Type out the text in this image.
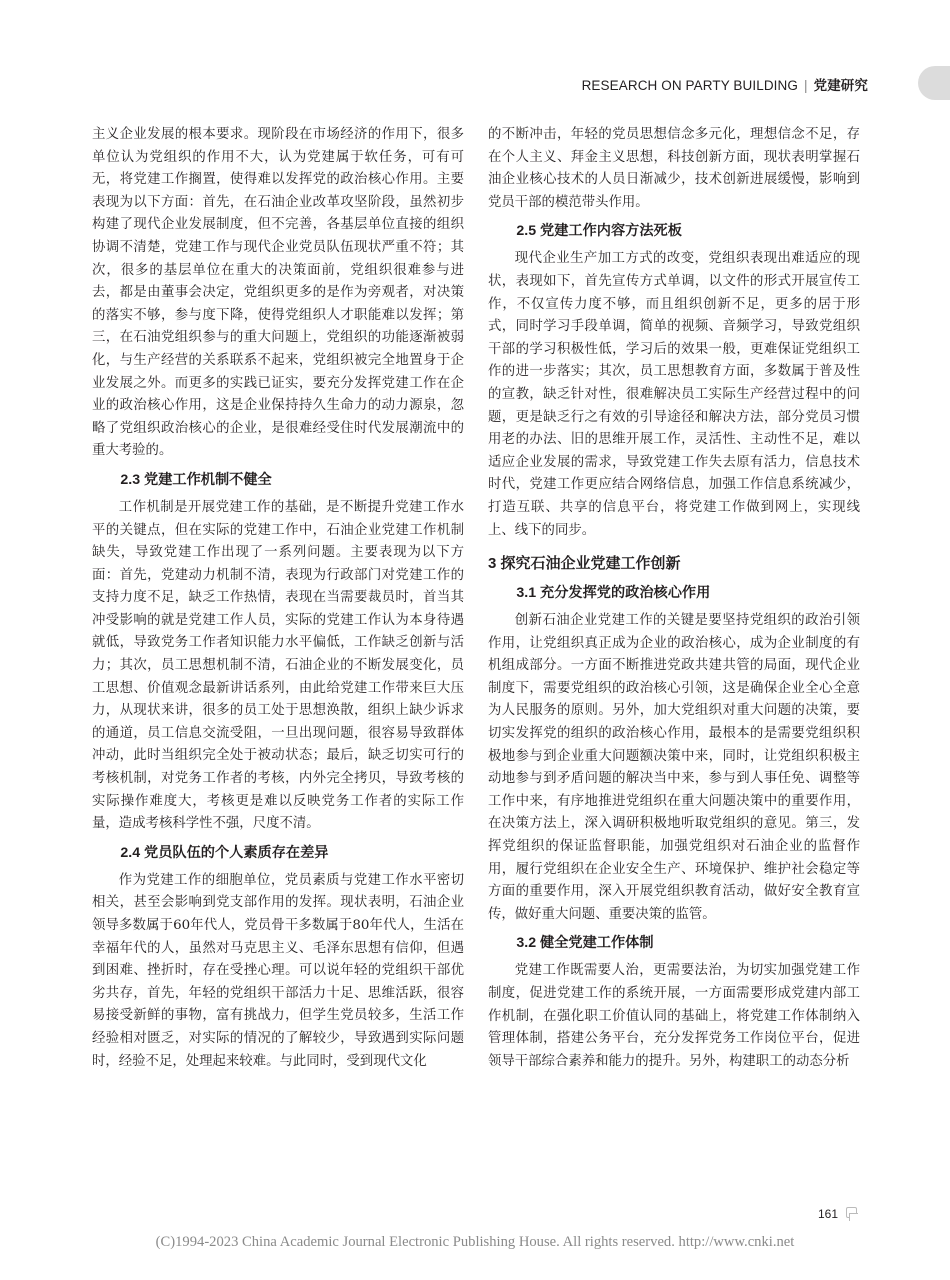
RESEARCH ON PARTY BUILDING | 党建研究

主义企业发展的根本要求。现阶段在市场经济的作用下，很多单位认为党组织的作用不大，认为党建属于软任务，可有可无，将党建工作搁置，使得难以发挥党的政治核心作用。主要表现为以下方面：首先，在石油企业改革攻坚阶段，虽然初步构建了现代企业发展制度，但不完善，各基层单位直接的组织协调不清楚，党建工作与现代企业党员队伍现状严重不符；其次，很多的基层单位在重大的决策面前，党组织很难参与进去，都是由董事会决定，党组织更多的是作为旁观者，对决策的落实不够，参与度下降，使得党组织人才职能难以发挥；第三，在石油党组织参与的重大问题上，党组织的功能逐渐被弱化，与生产经营的关系联系不起来，党组织被完全地置身于企业发展之外。而更多的实践已证实，要充分发挥党建工作在企业的政治核心作用，这是企业保持持久生命力的动力源泉，忽略了党组织政治核心的企业，是很难经受住时代发展潮流中的重大考验的。

2.3 党建工作机制不健全

工作机制是开展党建工作的基础，是不断提升党建工作水平的关键点，但在实际的党建工作中，石油企业党建工作机制缺失，导致党建工作出现了一系列问题。主要表现为以下方面：首先，党建动力机制不清，表现为行政部门对党建工作的支持力度不足，缺乏工作热情，表现在当需要裁员时，首当其冲受影响的就是党建工作人员，实际的党建工作认为本身待遇就低，导致党务工作者知识能力水平偏低，工作缺乏创新与活力；其次，员工思想机制不清，石油企业的不断发展变化，员工思想、价值观念最新讲话系列，由此给党建工作带来巨大压力，从现状来讲，很多的员工处于思想涣散，组织上缺少诉求的通道，员工信息交流受阻，一旦出现问题，很容易导致群体冲动，此时当组织完全处于被动状态；最后，缺乏切实可行的考核机制，对党务工作者的考核，内外完全拷贝，导致考核的实际操作难度大，考核更是难以反映党务工作者的实际工作量，造成考核科学性不强，尺度不清。

2.4 党员队伍的个人素质存在差异

作为党建工作的细胞单位，党员素质与党建工作水平密切相关，甚至会影响到党支部作用的发挥。现状表明，石油企业领导多数属于60年代人，党员骨干多数属于80年代人，生活在幸福年代的人，虽然对马克思主义、毛泽东思想有信仰，但遇到困难、挫折时，存在受挫心理。可以说年轻的党组织干部优劣共存，首先，年轻的党组织干部活力十足、思维活跃，很容易接受新鲜的事物，富有挑战力，但学生党员较多，生活工作经验相对匮乏，对实际的情况的了解较少，导致遇到实际问题时，经验不足，处理起来较难。与此同时，受到现代文化

的不断冲击，年轻的党员思想信念多元化，理想信念不足，存在个人主义、拜金主义思想，科技创新方面，现状表明掌握石油企业核心技术的人员日渐减少，技术创新进展缓慢，影响到党员干部的模范带头作用。

2.5 党建工作内容方法死板

现代企业生产加工方式的改变，党组织表现出难适应的现状，表现如下，首先宣传方式单调，以文件的形式开展宣传工作，不仅宣传力度不够，而且组织创新不足，更多的居于形式，同时学习手段单调，简单的视频、音频学习，导致党组织干部的学习积极性低，学习后的效果一般，更难保证党组织工作的进一步落实；其次，员工思想教育方面，多数属于普及性的宣教，缺乏针对性，很难解决员工实际生产经营过程中的问题，更是缺乏行之有效的引导途径和解决方法，部分党员习惯用老的办法、旧的思维开展工作，灵活性、主动性不足，难以适应企业发展的需求，导致党建工作失去原有活力，信息技术时代，党建工作更应结合网络信息，加强工作信息系统减少，打造互联、共享的信息平台，将党建工作做到网上，实现线上、线下的同步。

3 探究石油企业党建工作创新
3.1 充分发挥党的政治核心作用

创新石油企业党建工作的关键是要坚持党组织的政治引领作用，让党组织真正成为企业的政治核心，成为企业制度的有机组成部分。一方面不断推进党政共建共管的局面，现代企业制度下，需要党组织的政治核心引领，这是确保企业全心全意为人民服务的原则。另外，加大党组织对重大问题的决策，要切实发挥党的组织的政治核心作用，最根本的是需要党组织积极地参与到企业重大问题额决策中来，同时，让党组织积极主动地参与到矛盾问题的解决当中来，参与到人事任免、调整等工作中来，有序地推进党组织在重大问题决策中的重要作用，在决策方法上，深入调研积极地听取党组织的意见。第三，发挥党组织的保证监督职能，加强党组织对石油企业的监督作用，履行党组织在企业安全生产、环境保护、维护社会稳定等方面的重要作用，深入开展党组织教育活动，做好安全教育宣传，做好重大问题、重要决策的监管。

3.2 健全党建工作体制

党建工作既需要人治，更需要法治，为切实加强党建工作制度，促进党建工作的系统开展，一方面需要形成党建内部工作机制，在强化职工价值认同的基础上，将党建工作体制纳入管理体制，搭建公务平台，充分发挥党务工作岗位平台，促进领导干部综合素养和能力的提升。另外，构建职工的动态分析

161
(C)1994-2023 China Academic Journal Electronic Publishing House. All rights reserved. http://www.cnki.net
